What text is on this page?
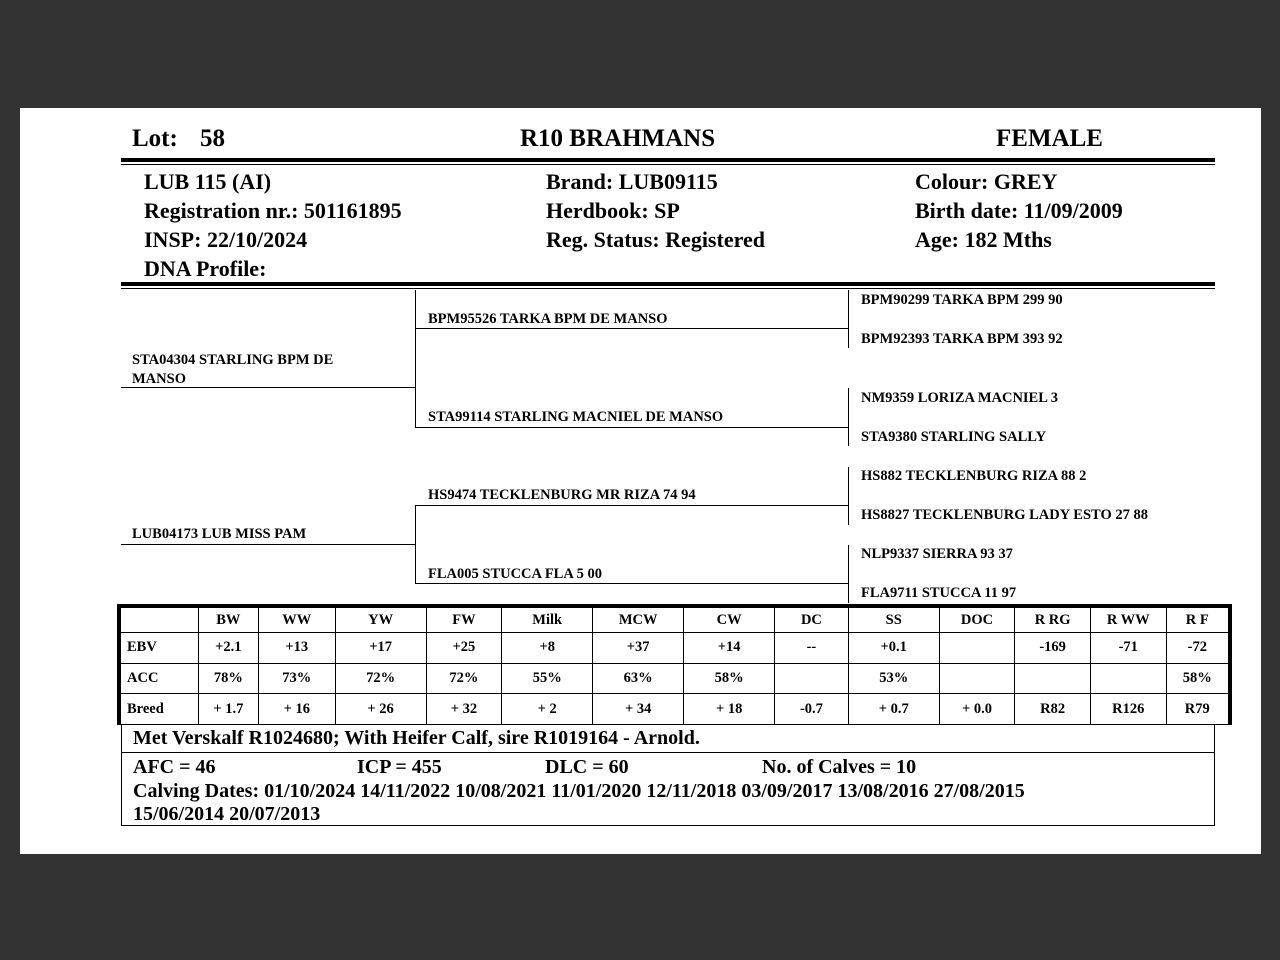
Lot: 58	R10 BRAHMANS	FEMALE
LUB 115 (AI)
Registration nr.: 501161895
INSP: 22/10/2024
DNA Profile:
Brand: LUB09115
Herdbook: SP
Reg. Status: Registered
Colour: GREY
Birth date: 11/09/2009
Age: 182 Mths
STA04304 STARLING BPM DE MANSO
BPM95526 TARKA BPM DE MANSO
STA99114 STARLING MACNIEL DE MANSO
LUB04173 LUB MISS PAM
HS9474 TECKLENBURG MR RIZA 74 94
FLA005 STUCCA FLA 5 00
BPM90299 TARKA BPM 299 90
BPM92393 TARKA BPM 393 92
NM9359 LORIZA MACNIEL 3
STA9380 STARLING SALLY
HS882 TECKLENBURG RIZA 88 2
HS8827 TECKLENBURG LADY ESTO 27 88
NLP9337 SIERRA 93 37
FLA9711 STUCCA 11 97
	BW	WW	YW	FW	Milk	MCW	CW	DC	SS	DOC	R RG	R WW	R F
EBV	+2.1	+13	+17	+25	+8	+37	+14	--	+0.1		-169	-71	-72
ACC	78%	73%	72%	72%	55%	63%	58%		53%				58%
Breed	+ 1.7	+ 16	+ 26	+ 32	+ 2	+ 34	+ 18	-0.7	+ 0.7	+ 0.0	R82	R126	R79
Met Verskalf R1024680; With Heifer Calf, sire R1019164 - Arnold.
AFC = 46	ICP = 455	DLC = 60	No. of Calves = 10
Calving Dates: 01/10/2024 14/11/2022 10/08/2021 11/01/2020 12/11/2018 03/09/2017 13/08/2016 27/08/2015
15/06/2014 20/07/2013
